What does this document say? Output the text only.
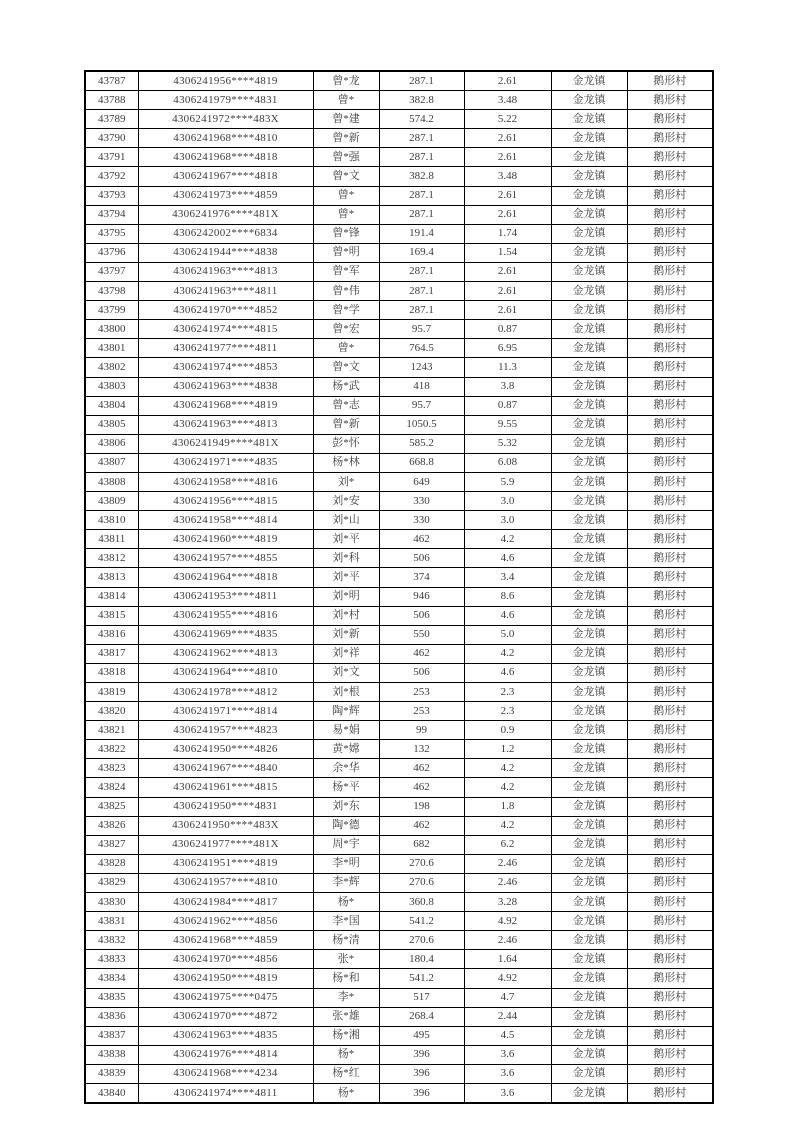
43787	4306241956****4819	曾*龙	287.1	2.61	金龙镇	鹅形村
43788	4306241979****4831	曾*	382.8	3.48	金龙镇	鹅形村
43789	4306241972****483X	曾*建	574.2	5.22	金龙镇	鹅形村
43790	4306241968****4810	曾*新	287.1	2.61	金龙镇	鹅形村
43791	4306241968****4818	曾*强	287.1	2.61	金龙镇	鹅形村
43792	4306241967****4818	曾*文	382.8	3.48	金龙镇	鹅形村
43793	4306241973****4859	曾*	287.1	2.61	金龙镇	鹅形村
43794	4306241976****481X	曾*	287.1	2.61	金龙镇	鹅形村
43795	4306242002****6834	曾*锋	191.4	1.74	金龙镇	鹅形村
43796	4306241944****4838	曾*明	169.4	1.54	金龙镇	鹅形村
43797	4306241963****4813	曾*军	287.1	2.61	金龙镇	鹅形村
43798	4306241963****4811	曾*伟	287.1	2.61	金龙镇	鹅形村
43799	4306241970****4852	曾*学	287.1	2.61	金龙镇	鹅形村
43800	4306241974****4815	曾*宏	95.7	0.87	金龙镇	鹅形村
43801	4306241977****4811	曾*	764.5	6.95	金龙镇	鹅形村
43802	4306241974****4853	曾*文	1243	11.3	金龙镇	鹅形村
43803	4306241963****4838	杨*武	418	3.8	金龙镇	鹅形村
43804	4306241968****4819	曾*志	95.7	0.87	金龙镇	鹅形村
43805	4306241963****4813	曾*新	1050.5	9.55	金龙镇	鹅形村
43806	4306241949****481X	彭*怀	585.2	5.32	金龙镇	鹅形村
43807	4306241971****4835	杨*林	668.8	6.08	金龙镇	鹅形村
43808	4306241958****4816	刘*	649	5.9	金龙镇	鹅形村
43809	4306241956****4815	刘*安	330	3.0	金龙镇	鹅形村
43810	4306241958****4814	刘*山	330	3.0	金龙镇	鹅形村
43811	4306241960****4819	刘*平	462	4.2	金龙镇	鹅形村
43812	4306241957****4855	刘*科	506	4.6	金龙镇	鹅形村
43813	4306241964****4818	刘*平	374	3.4	金龙镇	鹅形村
43814	4306241953****4811	刘*明	946	8.6	金龙镇	鹅形村
43815	4306241955****4816	刘*村	506	4.6	金龙镇	鹅形村
43816	4306241969****4835	刘*新	550	5.0	金龙镇	鹅形村
43817	4306241962****4813	刘*祥	462	4.2	金龙镇	鹅形村
43818	4306241964****4810	刘*文	506	4.6	金龙镇	鹅形村
43819	4306241978****4812	刘*根	253	2.3	金龙镇	鹅形村
43820	4306241971****4814	陶*辉	253	2.3	金龙镇	鹅形村
43821	4306241957****4823	易*娟	99	0.9	金龙镇	鹅形村
43822	4306241950****4826	黄*嫦	132	1.2	金龙镇	鹅形村
43823	4306241967****4840	余*华	462	4.2	金龙镇	鹅形村
43824	4306241961****4815	杨*平	462	4.2	金龙镇	鹅形村
43825	4306241950****4831	刘*东	198	1.8	金龙镇	鹅形村
43826	4306241950****483X	陶*德	462	4.2	金龙镇	鹅形村
43827	4306241977****481X	周*宇	682	6.2	金龙镇	鹅形村
43828	4306241951****4819	李*明	270.6	2.46	金龙镇	鹅形村
43829	4306241957****4810	李*辉	270.6	2.46	金龙镇	鹅形村
43830	4306241984****4817	杨*	360.8	3.28	金龙镇	鹅形村
43831	4306241962****4856	李*国	541.2	4.92	金龙镇	鹅形村
43832	4306241968****4859	杨*清	270.6	2.46	金龙镇	鹅形村
43833	4306241970****4856	张*	180.4	1.64	金龙镇	鹅形村
43834	4306241950****4819	杨*和	541.2	4.92	金龙镇	鹅形村
43835	4306241975****0475	李*	517	4.7	金龙镇	鹅形村
43836	4306241970****4872	张*雄	268.4	2.44	金龙镇	鹅形村
43837	4306241963****4835	杨*湘	495	4.5	金龙镇	鹅形村
43838	4306241976****4814	杨*	396	3.6	金龙镇	鹅形村
43839	4306241968****4234	杨*红	396	3.6	金龙镇	鹅形村
43840	4306241974****4811	杨*	396	3.6	金龙镇	鹅形村
